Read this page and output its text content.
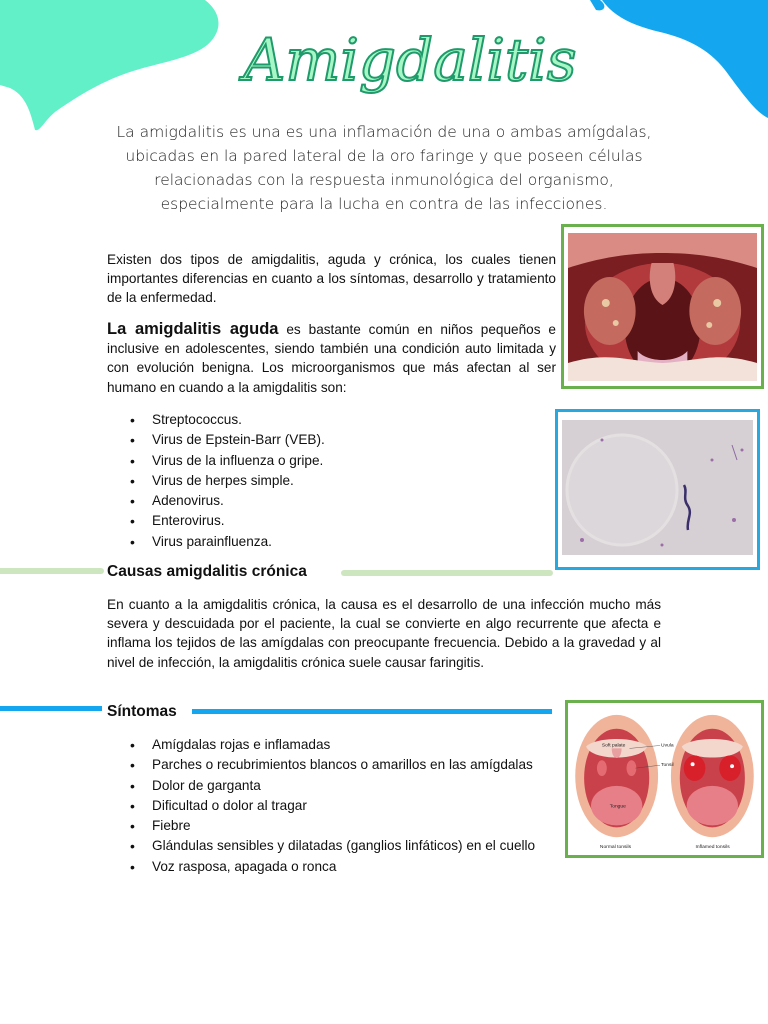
Amigdalitis
La amigdalitis es una es una inflamación de una o ambas amígdalas, ubicadas en la pared lateral de la oro faringe y que poseen células relacionadas con la respuesta inmunológica del organismo, especialmente para la lucha en contra de las infecciones.
Existen dos tipos de amigdalitis, aguda y crónica, los cuales tienen importantes diferencias en cuanto a los síntomas, desarrollo y tratamiento de la enfermedad.
La amigdalitis aguda es bastante común en niños pequeños e inclusive en adolescentes, siendo también una condición auto limitada y con evolución benigna. Los microorganismos que más afectan al ser humano en cuando a la amigdalitis son:
• Streptococcus.
• Virus de Epstein-Barr (VEB).
• Virus de la influenza o gripe.
• Virus de herpes simple.
• Adenovirus.
• Enterovirus.
• Virus parainfluenza.
Causas amigdalitis crónica
En cuanto a la amigdalitis crónica, la causa es el desarrollo de una infección mucho más severa y descuidada por el paciente, la cual se convierte en algo recurrente que afecta e inflama los tejidos de las amígdalas con preocupante frecuencia. Debido a la gravedad y al nivel de infección, la amigdalitis crónica suele causar faringitis.
Síntomas
• Amígdalas rojas e inflamadas
• Parches o recubrimientos blancos o amarillos en las amígdalas
• Dolor de garganta
• Dificultad o dolor al tragar
• Fiebre
• Glándulas sensibles y dilatadas (ganglios linfáticos) en el cuello
• Voz rasposa, apagada o ronca
Soft palate	Uvula
Tonsil
Tongue
Normal tonsils	Inflamed tonsils
